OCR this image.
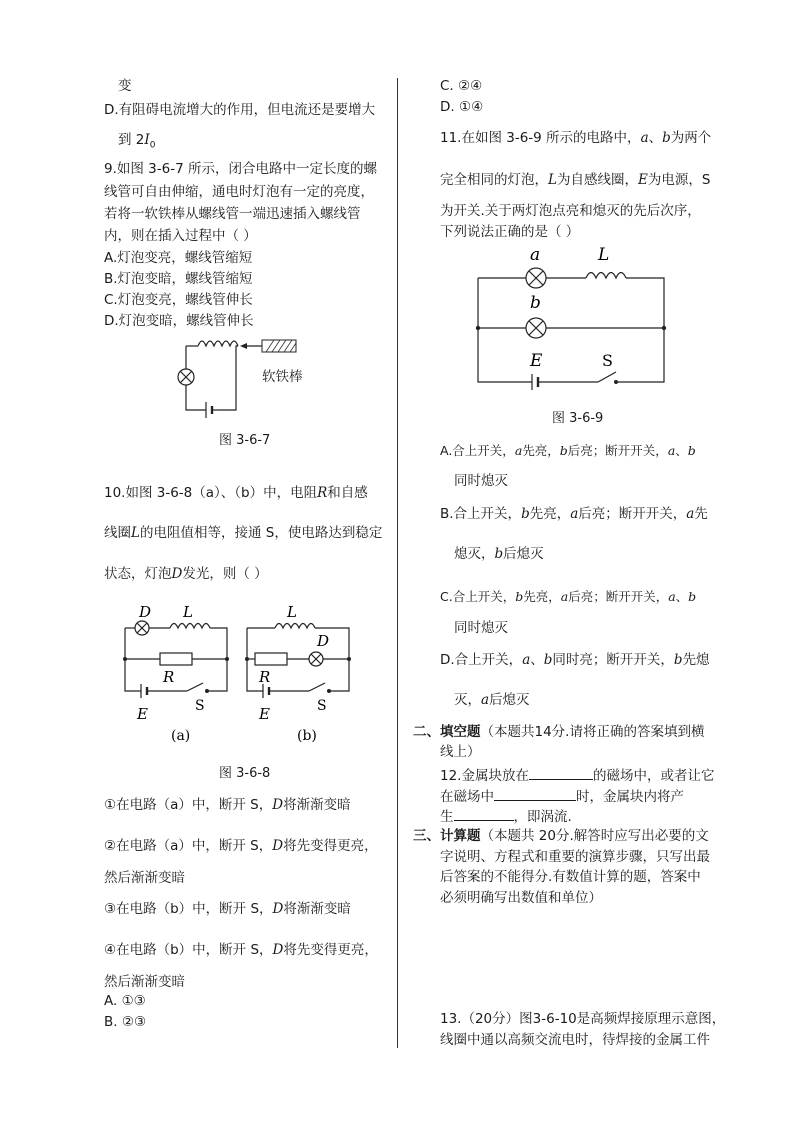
变
D.有阻碍电流增大的作用，但电流还是要增大
到 $2I_0$
9.如图 3-6-7 所示，闭合电路中一定长度的螺
线管可自由伸缩，通电时灯泡有一定的亮度，
若将一软铁棒从螺线管一端迅速插入螺线管
内，则在插入过程中（ ）
A.灯泡变亮，螺线管缩短
B.灯泡变暗，螺线管缩短
C.灯泡变亮，螺线管伸长
D.灯泡变暗，螺线管伸长
软铁棒
图 3-6-7
10.如图 3-6-8（a）、（b）中，电阻R和自感
线圈L的电阻值相等，接通 S，使电路达到稳定
状态，灯泡D发光，则（ ）
D L
R
E	S
(a)
L
D
R
E	S
(b)
图 3-6-8
①在电路（a）中，断开 S，D将渐渐变暗
②在电路（a）中，断开 S，D将先变得更亮，
然后渐渐变暗
③在电路（b）中，断开 S，D将渐渐变暗
④在电路（b）中，断开 S，D将先变得更亮，
然后渐渐变暗
A. ①③
B. ②③
C. ②④
D. ①④
11.在如图 3-6-9 所示的电路中，a、b为两个
完全相同的灯泡，L为自感线圈，E为电源，S
为开关.关于两灯泡点亮和熄灭的先后次序，
下列说法正确的是（ ）
a	L
b
E	S
图 3-6-9
A.合上开关，a先亮，b后亮；断开开关，a、b
同时熄灭
B.合上开关，b先亮，a后亮；断开开关，a先
熄灭，b后熄灭
C.合上开关，b先亮，a后亮；断开开关，a、b
同时熄灭
D.合上开关，a、b同时亮；断开开关，b先熄
灭，a后熄灭
二、填空题（本题共14分.请将正确的答案填到横
线上）
12.金属块放在	的磁场中，或者让它
在磁场中	时，金属块内将产
生	，即涡流.
三、计算题（本题共 20分.解答时应写出必要的文
字说明、方程式和重要的演算步骤，只写出最
后答案的不能得分.有数值计算的题，答案中
必须明确写出数值和单位）
13.（20分）图3-6-10是高频焊接原理示意图，
线圈中通以高频交流电时，待焊接的金属工件
